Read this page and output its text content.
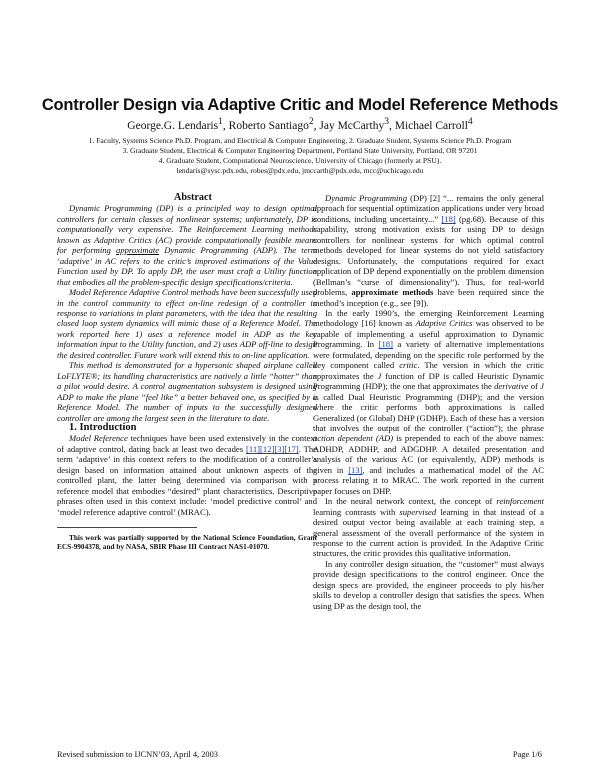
Controller Design via Adaptive Critic and Model Reference Methods
George.G. Lendaris$^1$, Roberto Santiago$^2$, Jay McCarthy$^3$, Michael Carroll$^4$
1. Faculty, Systems Science Ph.D. Program, and Electrical & Computer Engineering, 2. Graduate Student, Systems Science Ph.D. Program
3. Graduate Student, Electrical & Computer Engineering Department, Portland State University, Portland, OR 97201
4. Graduate Student, Computational Neuroscience, University of Chicago (formerly at PSU).
lendaris@sysc.pdx.edu, robes@pdx.edu, jmccarth@pdx.edu, mcc@uchicago.edu

Abstract

Dynamic Programming (DP) is a principled way to design optimal controllers for certain classes of nonlinear systems; unfortunately, DP is computationally very expensive. The Reinforcement Learning methods known as Adaptive Critics (AC) provide computationally feasible means for performing approximate Dynamic Programming (ADP). The term ‘adaptive’ in AC refers to the critic’s improved estimations of the Value Function used by DP. To apply DP, the user must craft a Utility function that embodies all the problem-specific design specifications/criteria.

Model Reference Adaptive Control methods have been successfully used in the control community to effect on-line redesign of a controller in response to variations in plant parameters, with the idea that the resulting closed loop system dynamics will mimic those of a Reference Model. The work reported here 1) uses a reference model in ADP as the key information input to the Utility function, and 2) uses ADP off-line to design the desired controller. Future work will extend this to on-line application.

This method is demonstrated for a hypersonic shaped airplane called LoFLYTE®; its handling characteristics are natively a little “hotter” than a pilot would desire. A control augmentation subsystem is designed using ADP to make the plane “feel like” a better behaved one, as specified by a Reference Model. The number of inputs to the successfully designed controller are among the largest seen in the literature to date.

1. Introduction

Model Reference techniques have been used extensively in the context of adaptive control, dating back at least two decades [11][12][3][17]. The term ‘adaptive’ in this context refers to the modification of a controller’s design based on information attained about unknown aspects of the controlled plant, the latter being determined via comparison with a reference model that embodies “desired” plant characteristics. Descriptive phrases often used in this context include: ‘model predictive control’ and ‘model reference adaptive control’ (MRAC).

This work was partially supported by the National Science Foundation, Grant ECS-9904378, and by NASA, SBIR Phase III Contract NAS1-01070.

Dynamic Programming (DP) [2] “... remains the only general approach for sequential optimization applications under very broad conditions, including uncertainty...” [18] (pg.68). Because of this capability, strong motivation exists for using DP to design controllers for nonlinear systems for which optimal control methods developed for linear systems do not yield satisfactory designs. Unfortunately, the computations required for exact application of DP depend exponentially on the problem dimension (Bellman’s “curse of dimensionality”). Thus, for real-world problems, approximate methods have been required since the method’s inception (e.g., see [9]).

In the early 1990’s, the emerging Reinforcement Learning methodology [16] known as Adaptive Critics was observed to be capable of implementing a useful approximation to Dynamic Programming. In [18] a variety of alternative implementations were formulated, depending on the specific role performed by the key component called critic. The version in which the critic approximates the J function of DP is called Heuristic Dynamic Programming (HDP); the one that approximates the derivative of J is called Dual Heuristic Programming (DHP); and the version where the critic performs both approximations is called Generalized (or Global) DHP (GDHP). Each of these has a version that involves the output of the controller (“action”); the phrase action dependent (AD) is prepended to each of the above names: ADHDP, ADDHP, and ADGDHP. A detailed presentation and analysis of the various AC (or equivalently, ADP) methods is given in [13], and includes a mathematical model of the AC process relating it to MRAC. The work reported in the current paper focuses on DHP.

In the neural network context, the concept of reinforcement learning contrasts with supervised learning in that instead of a desired output vector being available at each training step, a general assessment of the overall performance of the system in response to the current action is provided. In the Adaptive Critic structures, the critic provides this qualitative information.

In any controller design situation, the “customer” must always provide design specifications to the control engineer. Once the design specs are provided, the engineer proceeds to ply his/her skills to develop a controller design that satisfies the specs. When using DP as the design tool, the

Revised submission to IJCNN’03, April 4, 2003	Page 1/6
